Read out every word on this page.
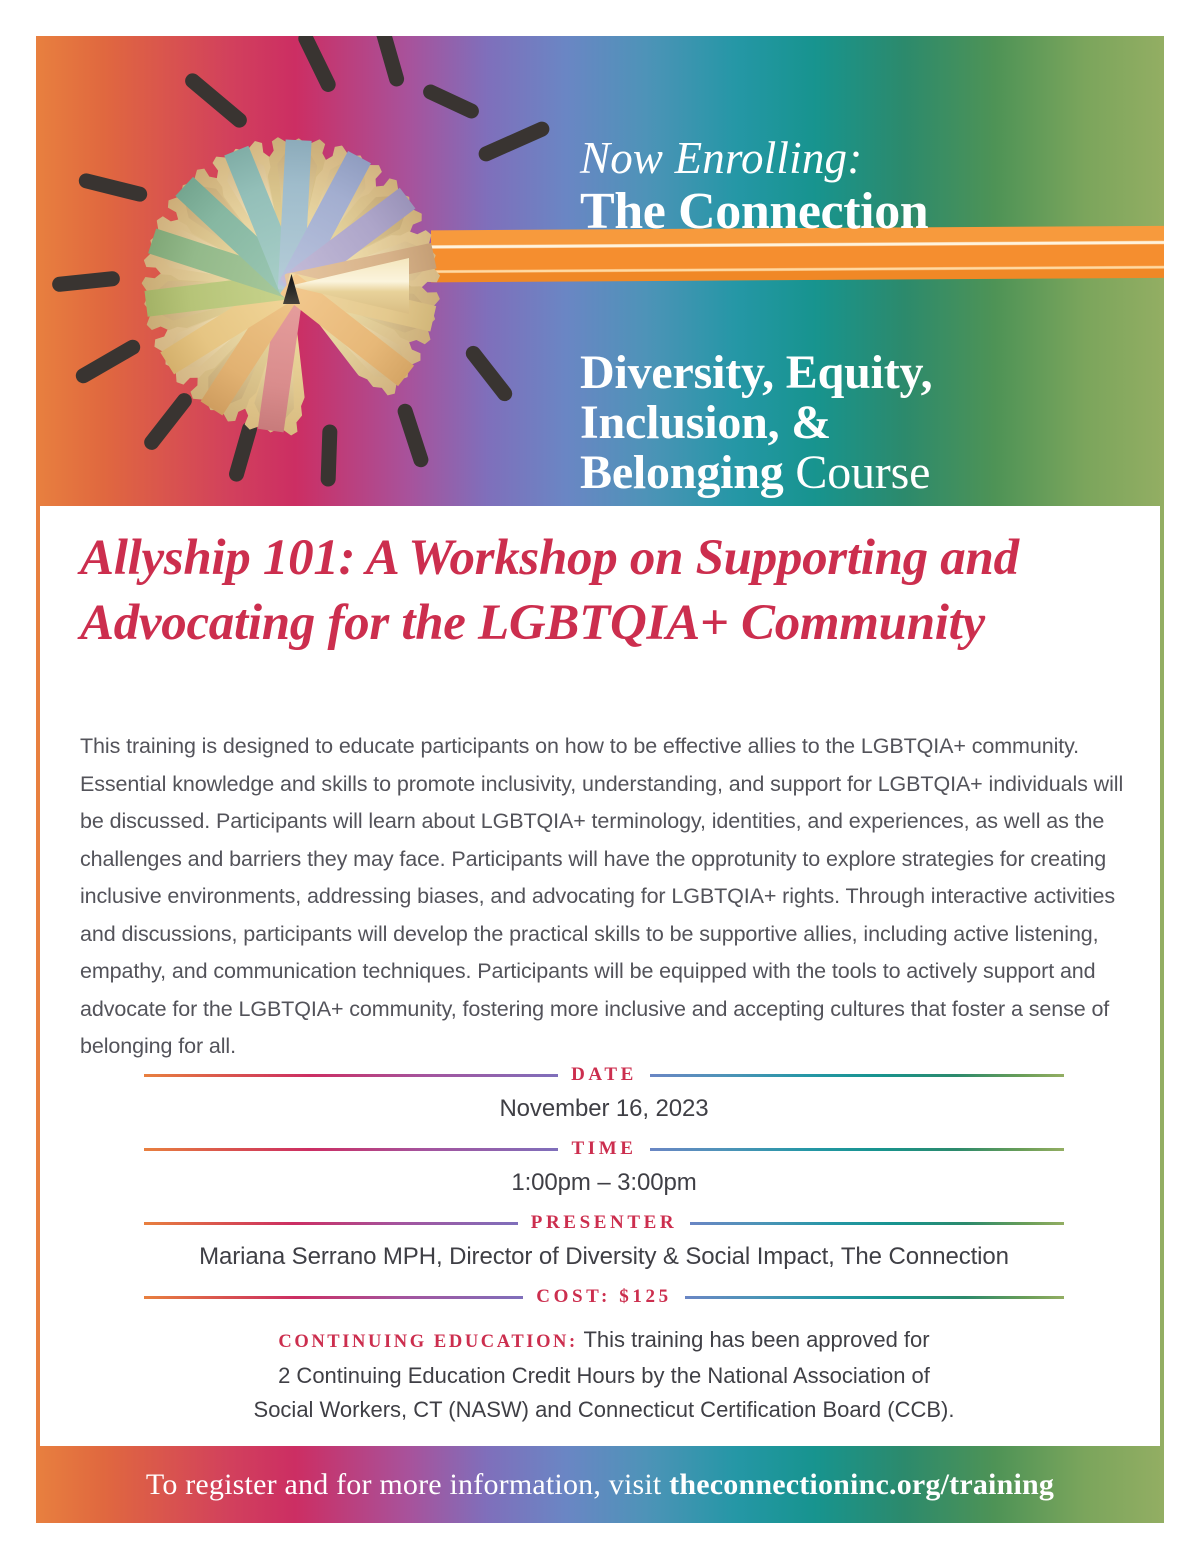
Now Enrolling:
The Connection
Diversity, Equity,
Inclusion, &
Belonging Course
Allyship 101: A Workshop on Supporting and Advocating for the LGBTQIA+ Community
This training is designed to educate participants on how to be effective allies to the LGBTQIA+ community. Essential knowledge and skills to promote inclusivity, understanding, and support for LGBTQIA+ individuals will be discussed. Participants will learn about LGBTQIA+ terminology, identities, and experiences, as well as the challenges and barriers they may face. Participants will have the opprotunity to explore strategies for creating inclusive environments, addressing biases, and advocating for LGBTQIA+ rights. Through interactive activities and discussions, participants will develop the practical skills to be supportive allies, including active listening, empathy, and communication techniques. Participants will be equipped with the tools to actively support and advocate for the LGBTQIA+ community, fostering more inclusive and accepting cultures that foster a sense of belonging for all.
DATE
November 16, 2023
TIME
1:00pm – 3:00pm
PRESENTER
Mariana Serrano MPH, Director of Diversity & Social Impact, The Connection
COST: $125
CONTINUING EDUCATION: This training has been approved for
2 Continuing Education Credit Hours by the National Association of
Social Workers, CT (NASW) and Connecticut Certification Board (CCB).
To register and for more information, visit theconnectioninc.org/training
